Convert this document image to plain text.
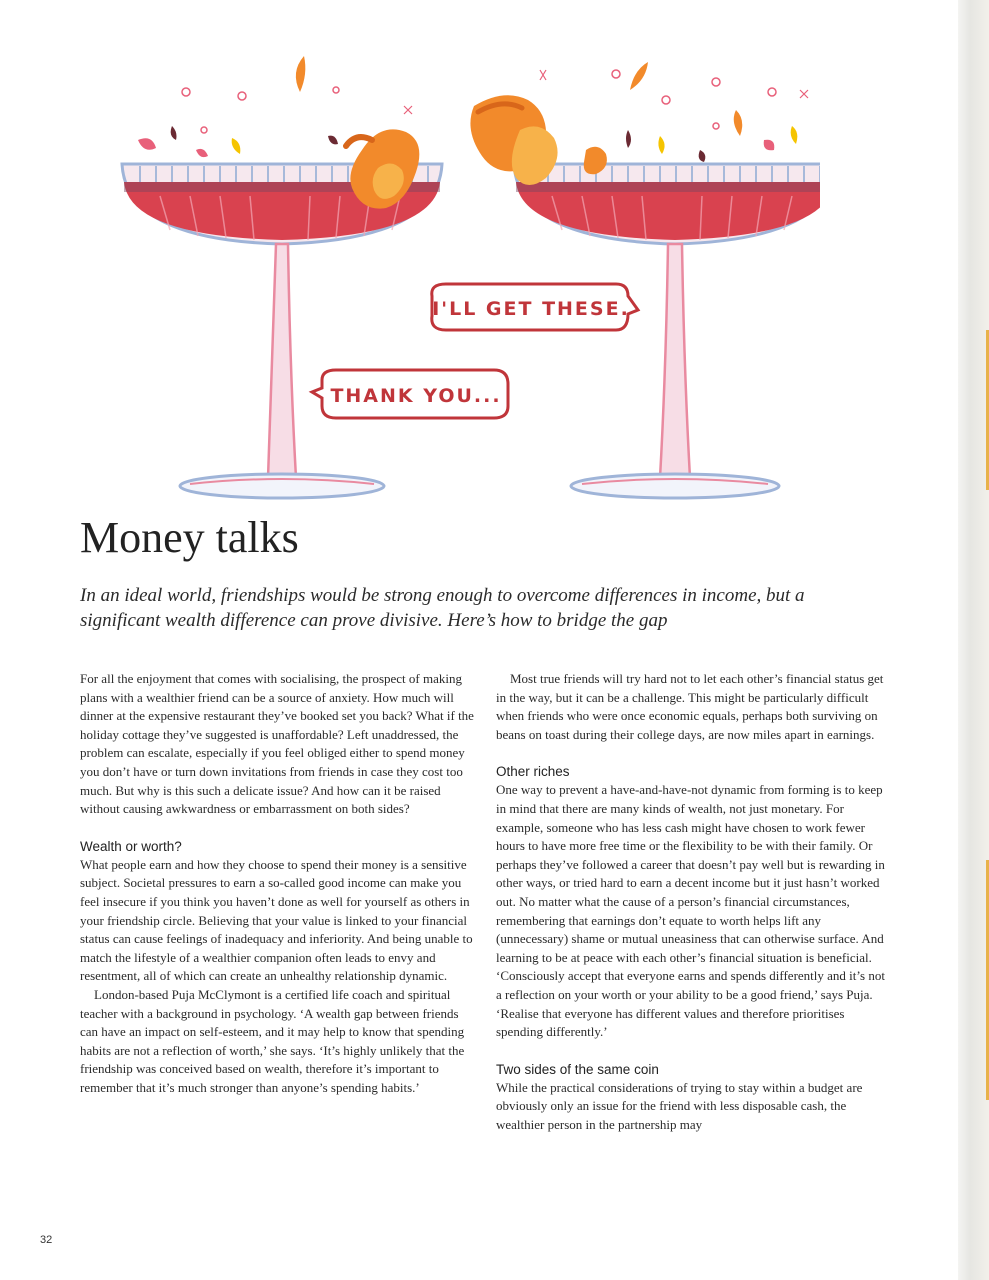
I'LL GET THESE.
THANK YOU...
Money talks

In an ideal world, friendships would be strong enough to overcome differences in income, but a significant wealth difference can prove divisive. Here’s how to bridge the gap

For all the enjoyment that comes with socialising, the prospect of making plans with a wealthier friend can be a source of anxiety. How much will dinner at the expensive restaurant they’ve booked set you back? What if the holiday cottage they’ve suggested is unaffordable? Left unaddressed, the problem can escalate, especially if you feel obliged either to spend money you don’t have or turn down invitations from friends in case they cost too much. But why is this such a delicate issue? And how can it be raised without causing awkwardness or embarrassment on both sides?

Wealth or worth?

What people earn and how they choose to spend their money is a sensitive subject. Societal pressures to earn a so-called good income can make you feel insecure if you think you haven’t done as well for yourself as others in your friendship circle. Believing that your value is linked to your financial status can cause feelings of inadequacy and inferiority. And being unable to match the lifestyle of a wealthier companion often leads to envy and resentment, all of which can create an unhealthy relationship dynamic.

London-based Puja McClymont is a certified life coach and spiritual teacher with a background in psychology. ‘A wealth gap between friends can have an impact on self-esteem, and it may help to know that spending habits are not a reflection of worth,’ she says. ‘It’s highly unlikely that the friendship was conceived based on wealth, therefore it’s important to remember that it’s much stronger than anyone’s spending habits.’

Most true friends will try hard not to let each other’s financial status get in the way, but it can be a challenge. This might be particularly difficult when friends who were once economic equals, perhaps both surviving on beans on toast during their college days, are now miles apart in earnings.

Other riches

One way to prevent a have-and-have-not dynamic from forming is to keep in mind that there are many kinds of wealth, not just monetary. For example, someone who has less cash might have chosen to work fewer hours to have more free time or the flexibility to be with their family. Or perhaps they’ve followed a career that doesn’t pay well but is rewarding in other ways, or tried hard to earn a decent income but it just hasn’t worked out. No matter what the cause of a person’s financial circumstances, remembering that earnings don’t equate to worth helps lift any (unnecessary) shame or mutual uneasiness that can otherwise surface. And learning to be at peace with each other’s financial situation is beneficial. ‘Consciously accept that everyone earns and spends differently and it’s not a reflection on your worth or your ability to be a good friend,’ says Puja. ‘Realise that everyone has different values and therefore prioritises spending differently.’

Two sides of the same coin

While the practical considerations of trying to stay within a budget are obviously only an issue for the friend with less disposable cash, the wealthier person in the partnership may

32
